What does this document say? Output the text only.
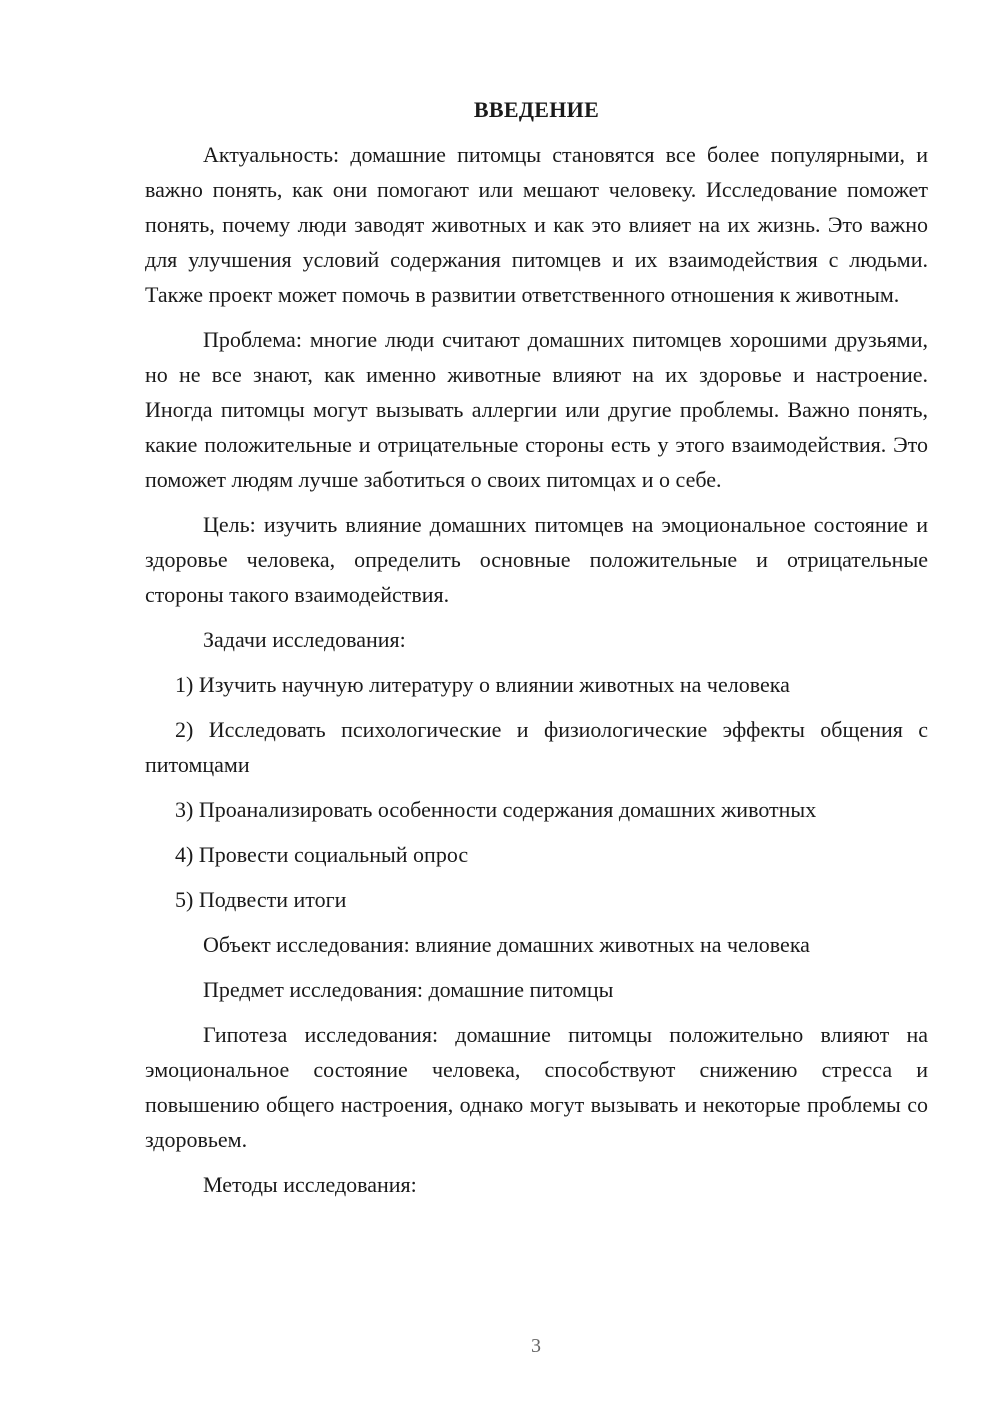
ВВЕДЕНИЕ

Актуальность: домашние питомцы становятся все более популярными, и важно понять, как они помогают или мешают человеку. Исследование поможет понять, почему люди заводят животных и как это влияет на их жизнь. Это важно для улучшения условий содержания питомцев и их взаимодействия с людьми. Также проект может помочь в развитии ответственного отношения к животным.

Проблема: многие люди считают домашних питомцев хорошими друзьями, но не все знают, как именно животные влияют на их здоровье и настроение. Иногда питомцы могут вызывать аллергии или другие проблемы. Важно понять, какие положительные и отрицательные стороны есть у этого взаимодействия. Это поможет людям лучше заботиться о своих питомцах и о себе.

Цель: изучить влияние домашних питомцев на эмоциональное состояние и здоровье человека, определить основные положительные и отрицательные стороны такого взаимодействия.

Задачи исследования:

1) Изучить научную литературу о влиянии животных на человека

2) Исследовать психологические и физиологические эффекты общения с питомцами

3) Проанализировать особенности содержания домашних животных

4) Провести социальный опрос

5) Подвести итоги

Объект исследования: влияние домашних животных на человека

Предмет исследования: домашние питомцы

Гипотеза исследования: домашние питомцы положительно влияют на эмоциональное состояние человека, способствуют снижению стресса и повышению общего настроения, однако могут вызывать и некоторые проблемы со здоровьем.

Методы исследования:

3
